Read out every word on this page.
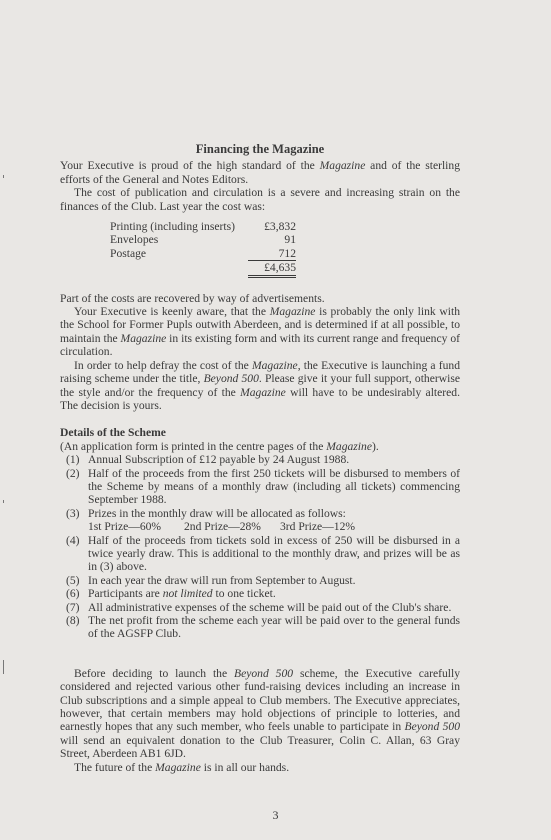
Financing the Magazine

Your Executive is proud of the high standard of the Magazine and of the sterling efforts of the General and Notes Editors.

The cost of publication and circulation is a severe and increasing strain on the finances of the Club. Last year the cost was:

Printing (including inserts)	£3,832
Envelopes	91
Postage	712
£4,635

Part of the costs are recovered by way of advertisements.

Your Executive is keenly aware, that the Magazine is probably the only link with the School for Former Pupls outwith Aberdeen, and is determined if at all possible, to maintain the Magazine in its existing form and with its current range and frequency of circulation.

In order to help defray the cost of the Magazine, the Executive is launching a fund raising scheme under the title, Beyond 500. Please give it your full support, otherwise the style and/or the frequency of the Magazine will have to be undesirably altered. The decision is yours.

Details of the Scheme

(An application form is printed in the centre pages of the Magazine).

(1) Annual Subscription of £12 payable by 24 August 1988.
(2) Half of the proceeds from the first 250 tickets will be disbursed to members of the Scheme by means of a monthly draw (including all tickets) commencing September 1988.
(3) Prizes in the monthly draw will be allocated as follows:
1st Prize—60%	2nd Prize—28%	3rd Prize—12%
(4) Half of the proceeds from tickets sold in excess of 250 will be disbursed in a twice yearly draw. This is additional to the monthly draw, and prizes will be as in (3) above.
(5) In each year the draw will run from September to August.
(6) Participants are not limited to one ticket.
(7) All administrative expenses of the scheme will be paid out of the Club's share.
(8) The net profit from the scheme each year will be paid over to the general funds of the AGSFP Club.

Before deciding to launch the Beyond 500 scheme, the Executive carefully considered and rejected various other fund-raising devices including an increase in Club subscriptions and a simple appeal to Club members. The Executive appreciates, however, that certain members may hold objections of principle to lotteries, and earnestly hopes that any such member, who feels unable to participate in Beyond 500 will send an equivalent donation to the Club Treasurer, Colin C. Allan, 63 Gray Street, Aberdeen AB1 6JD.

The future of the Magazine is in all our hands.

3
